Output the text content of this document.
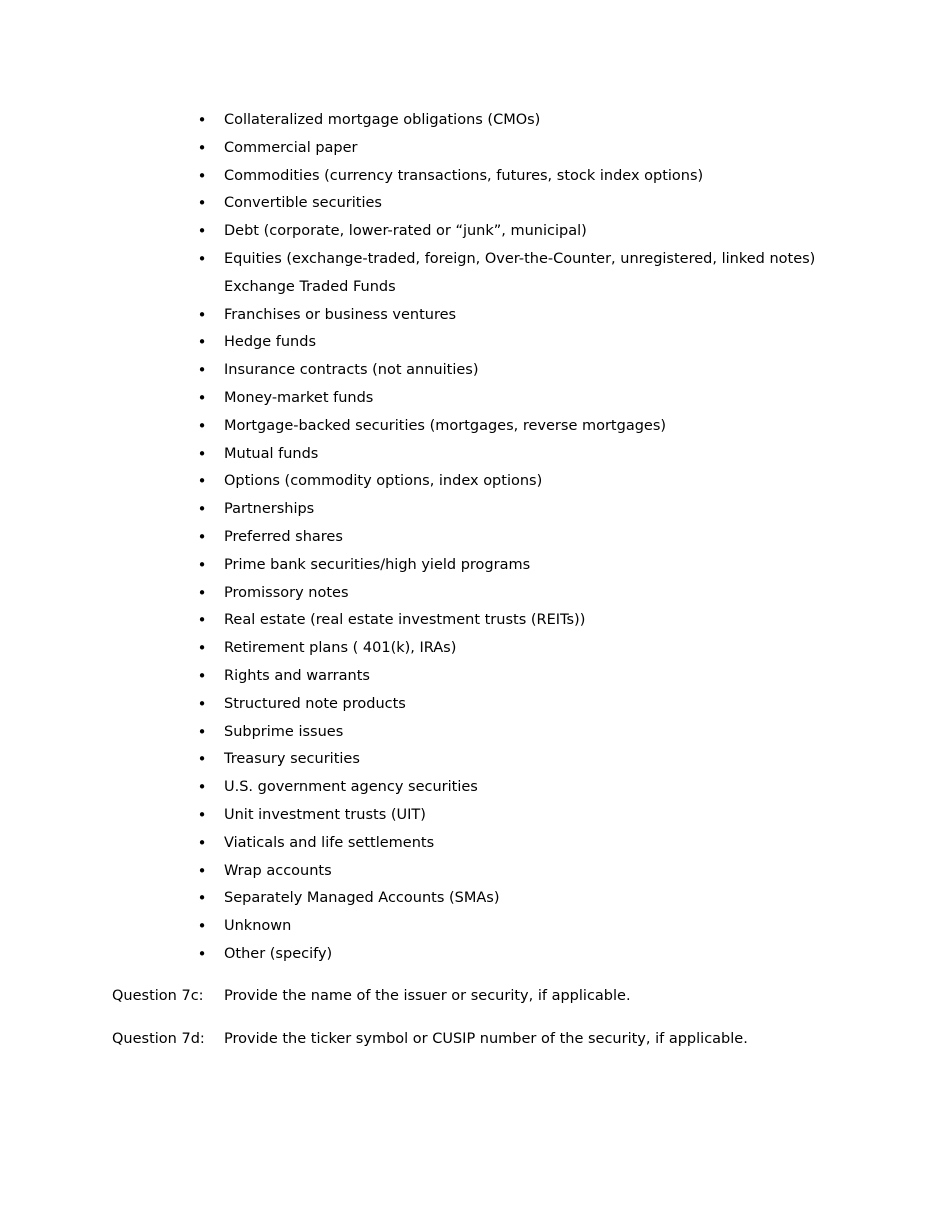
• Collateralized mortgage obligations (CMOs)
• Commercial paper
• Commodities (currency transactions, futures, stock index options)
• Convertible securities
• Debt (corporate, lower-rated or “junk”, municipal)
• Equities (exchange-traded, foreign, Over-the-Counter, unregistered, linked notes)
Exchange Traded Funds
• Franchises or business ventures
• Hedge funds
• Insurance contracts (not annuities)
• Money-market funds
• Mortgage-backed securities (mortgages, reverse mortgages)
• Mutual funds
• Options (commodity options, index options)
• Partnerships
• Preferred shares
• Prime bank securities/high yield programs
• Promissory notes
• Real estate (real estate investment trusts (REITs))
• Retirement plans ( 401(k), IRAs)
• Rights and warrants
• Structured note products
• Subprime issues
• Treasury securities
• U.S. government agency securities
• Unit investment trusts (UIT)
• Viaticals and life settlements
• Wrap accounts
• Separately Managed Accounts (SMAs)
• Unknown
• Other (specify)
Question 7c: Provide the name of the issuer or security, if applicable.
Question 7d: Provide the ticker symbol or CUSIP number of the security, if applicable.
